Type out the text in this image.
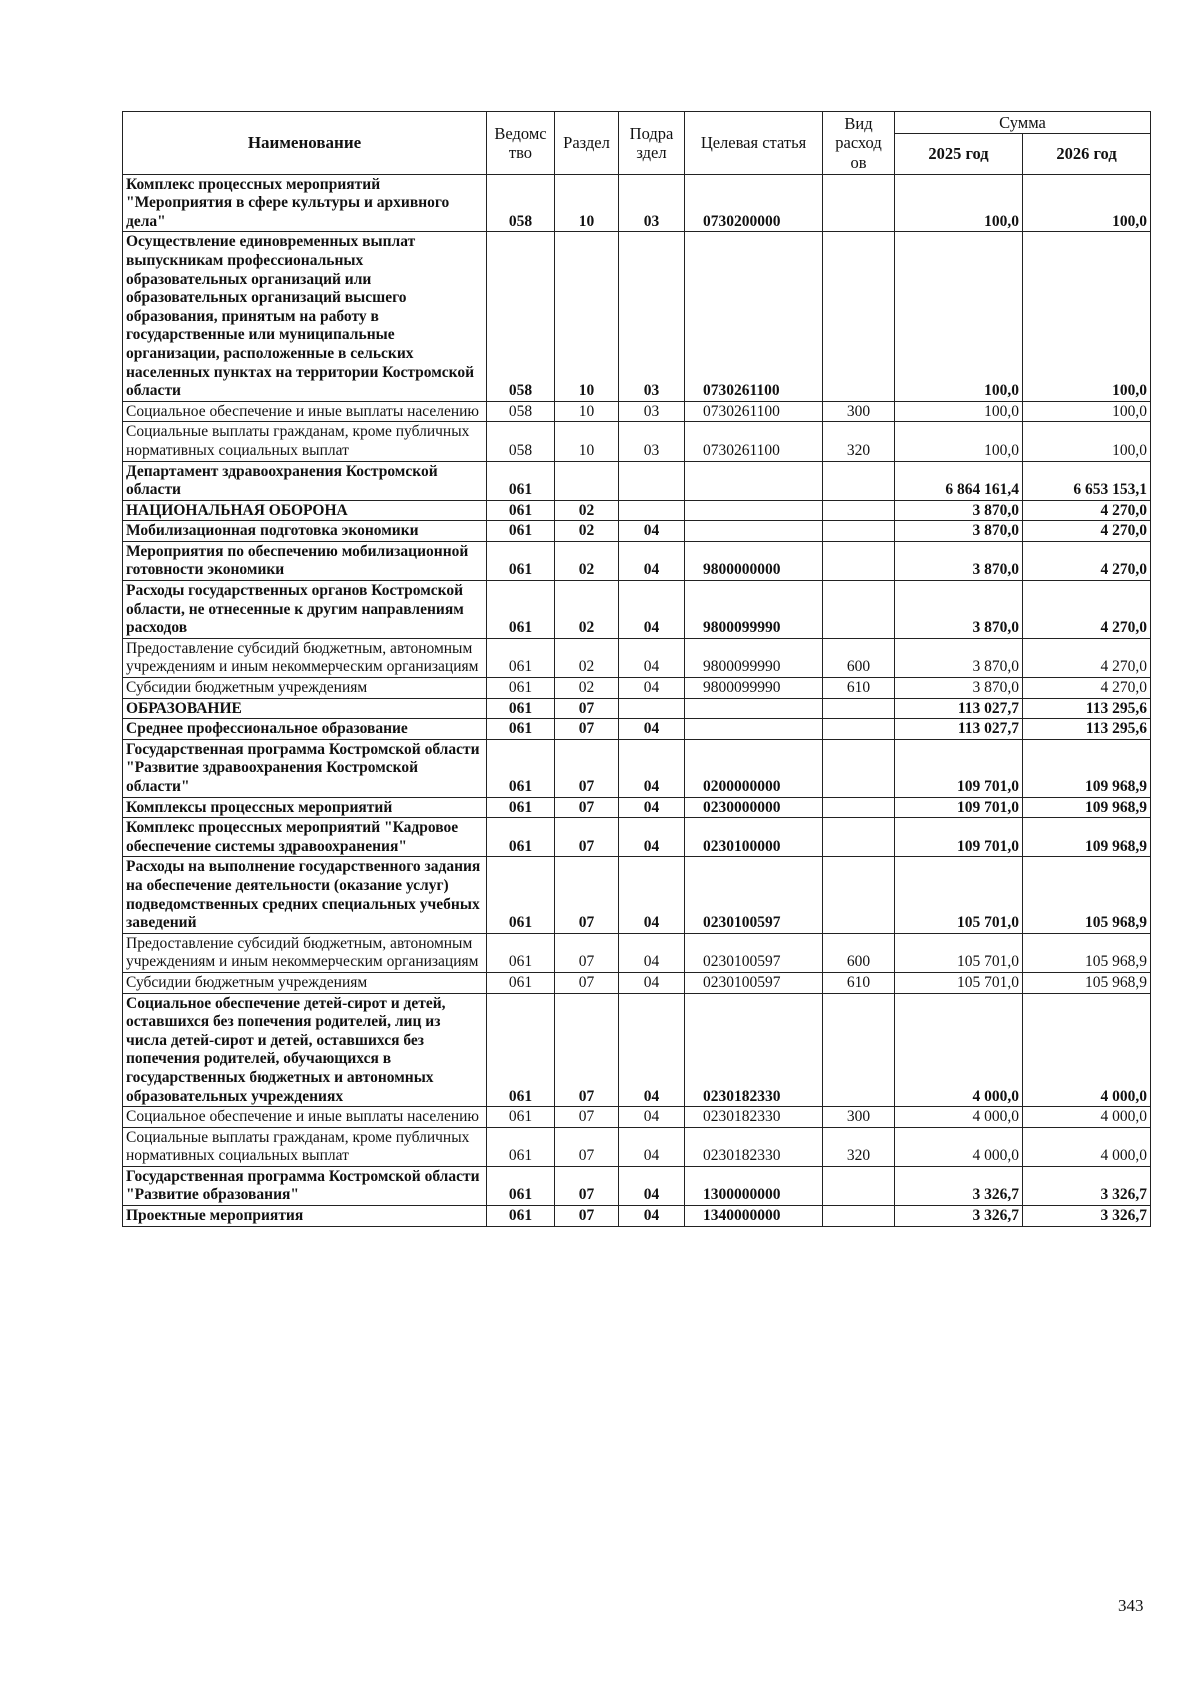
Наименование	Ведомс тво	Раздел	Подра здел	Целевая статья	Вид расход ов	Сумма	
						2025 год	2026 год
Комплекс процессных мероприятий "Мероприятия в сфере культуры и архивного дела"	058	10	03	0730200000		100,0	100,0
Осуществление единовременных выплат выпускникам профессиональных образовательных организаций или образовательных организаций высшего образования, принятым на работу в государственные или муниципальные организации, расположенные в сельских населенных пунктах на территории Костромской области	058	10	03	0730261100		100,0	100,0
Социальное обеспечение и иные выплаты населению	058	10	03	0730261100	300	100,0	100,0
Социальные выплаты гражданам, кроме публичных нормативных социальных выплат	058	10	03	0730261100	320	100,0	100,0
Департамент здравоохранения Костромской области	061					6 864 161,4	6 653 153,1
НАЦИОНАЛЬНАЯ ОБОРОНА	061	02				3 870,0	4 270,0
Мобилизационная подготовка экономики	061	02	04			3 870,0	4 270,0
Мероприятия по обеспечению мобилизационной готовности экономики	061	02	04	9800000000		3 870,0	4 270,0
Расходы государственных органов Костромской области, не отнесенные к другим направлениям расходов	061	02	04	9800099990		3 870,0	4 270,0
Предоставление субсидий бюджетным, автономным учреждениям и иным некоммерческим организациям	061	02	04	9800099990	600	3 870,0	4 270,0
Субсидии бюджетным учреждениям	061	02	04	9800099990	610	3 870,0	4 270,0
ОБРАЗОВАНИЕ	061	07				113 027,7	113 295,6
Среднее профессиональное образование	061	07	04			113 027,7	113 295,6
Государственная программа Костромской области "Развитие здравоохранения Костромской области"	061	07	04	0200000000		109 701,0	109 968,9
Комплексы процессных мероприятий	061	07	04	0230000000		109 701,0	109 968,9
Комплекс процессных мероприятий "Кадровое обеспечение системы здравоохранения"	061	07	04	0230100000		109 701,0	109 968,9
Расходы на выполнение государственного задания на обеспечение деятельности (оказание услуг) подведомственных средних специальных учебных заведений	061	07	04	0230100597		105 701,0	105 968,9
Предоставление субсидий бюджетным, автономным учреждениям и иным некоммерческим организациям	061	07	04	0230100597	600	105 701,0	105 968,9
Субсидии бюджетным учреждениям	061	07	04	0230100597	610	105 701,0	105 968,9
Социальное обеспечение детей-сирот и детей, оставшихся без попечения родителей, лиц из числа детей-сирот и детей, оставшихся без попечения родителей, обучающихся в государственных бюджетных и автономных образовательных учреждениях	061	07	04	0230182330		4 000,0	4 000,0
Социальное обеспечение и иные выплаты населению	061	07	04	0230182330	300	4 000,0	4 000,0
Социальные выплаты гражданам, кроме публичных нормативных социальных выплат	061	07	04	0230182330	320	4 000,0	4 000,0
Государственная программа Костромской области "Развитие образования"	061	07	04	1300000000		3 326,7	3 326,7
Проектные мероприятия	061	07	04	1340000000		3 326,7	3 326,7
343
